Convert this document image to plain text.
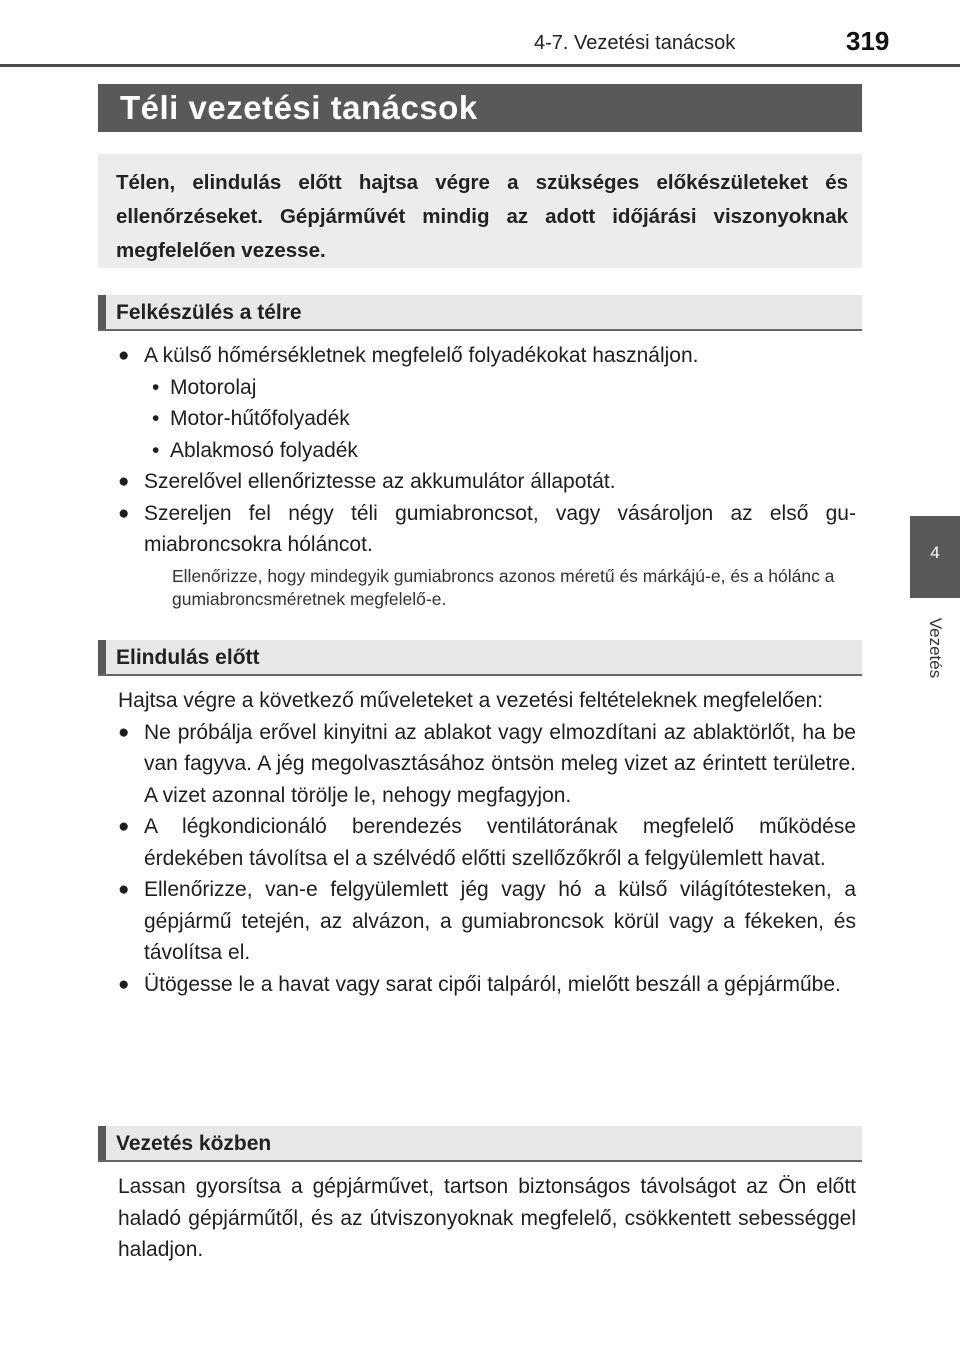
4-7. Vezetési tanácsok	319
4
Vezetés
Téli vezetési tanácsok

Télen, elindulás előtt hajtsa végre a szükséges előkészületeket és ellenőrzéseket. Gépjárművét mindig az adott időjárási viszonyoknak megfelelően vezesse.

Felkészülés a télre
● A külső hőmérsékletnek megfelelő folyadékokat használjon.
• Motorolaj
• Motor-hűtőfolyadék
• Ablakmosó folyadék
● Szerelővel ellenőriztesse az akkumulátor állapotát.
● Szereljen fel négy téli gumiabroncsot, vagy vásároljon az első gumiabroncsokra hóláncot.
Ellenőrizze, hogy mindegyik gumiabroncs azonos méretű és márkájú-e, és a hólánc a gumiabroncsméretnek megfelelő-e.
Elindulás előtt
Hajtsa végre a következő műveleteket a vezetési feltételeknek megfelelően:
● Ne próbálja erővel kinyitni az ablakot vagy elmozdítani az ablaktörlőt, ha be van fagyva. A jég megolvasztásához öntsön meleg vizet az érintett területre. A vizet azonnal törölje le, nehogy megfagyjon.
● A légkondicionáló berendezés ventilátorának megfelelő működése érdekében távolítsa el a szélvédő előtti szellőzőkről a felgyülemlett havat.
● Ellenőrizze, van-e felgyülemlett jég vagy hó a külső világítótesteken, a gépjármű tetején, az alvázon, a gumiabroncsok körül vagy a fékeken, és távolítsa el.
● Ütögesse le a havat vagy sarat cipői talpáról, mielőtt beszáll a gépjárműbe.
Vezetés közben
Lassan gyorsítsa a gépjárművet, tartson biztonságos távolságot az Ön előtt haladó gépjárműtől, és az útviszonyoknak megfelelő, csökkentett sebességgel haladjon.
